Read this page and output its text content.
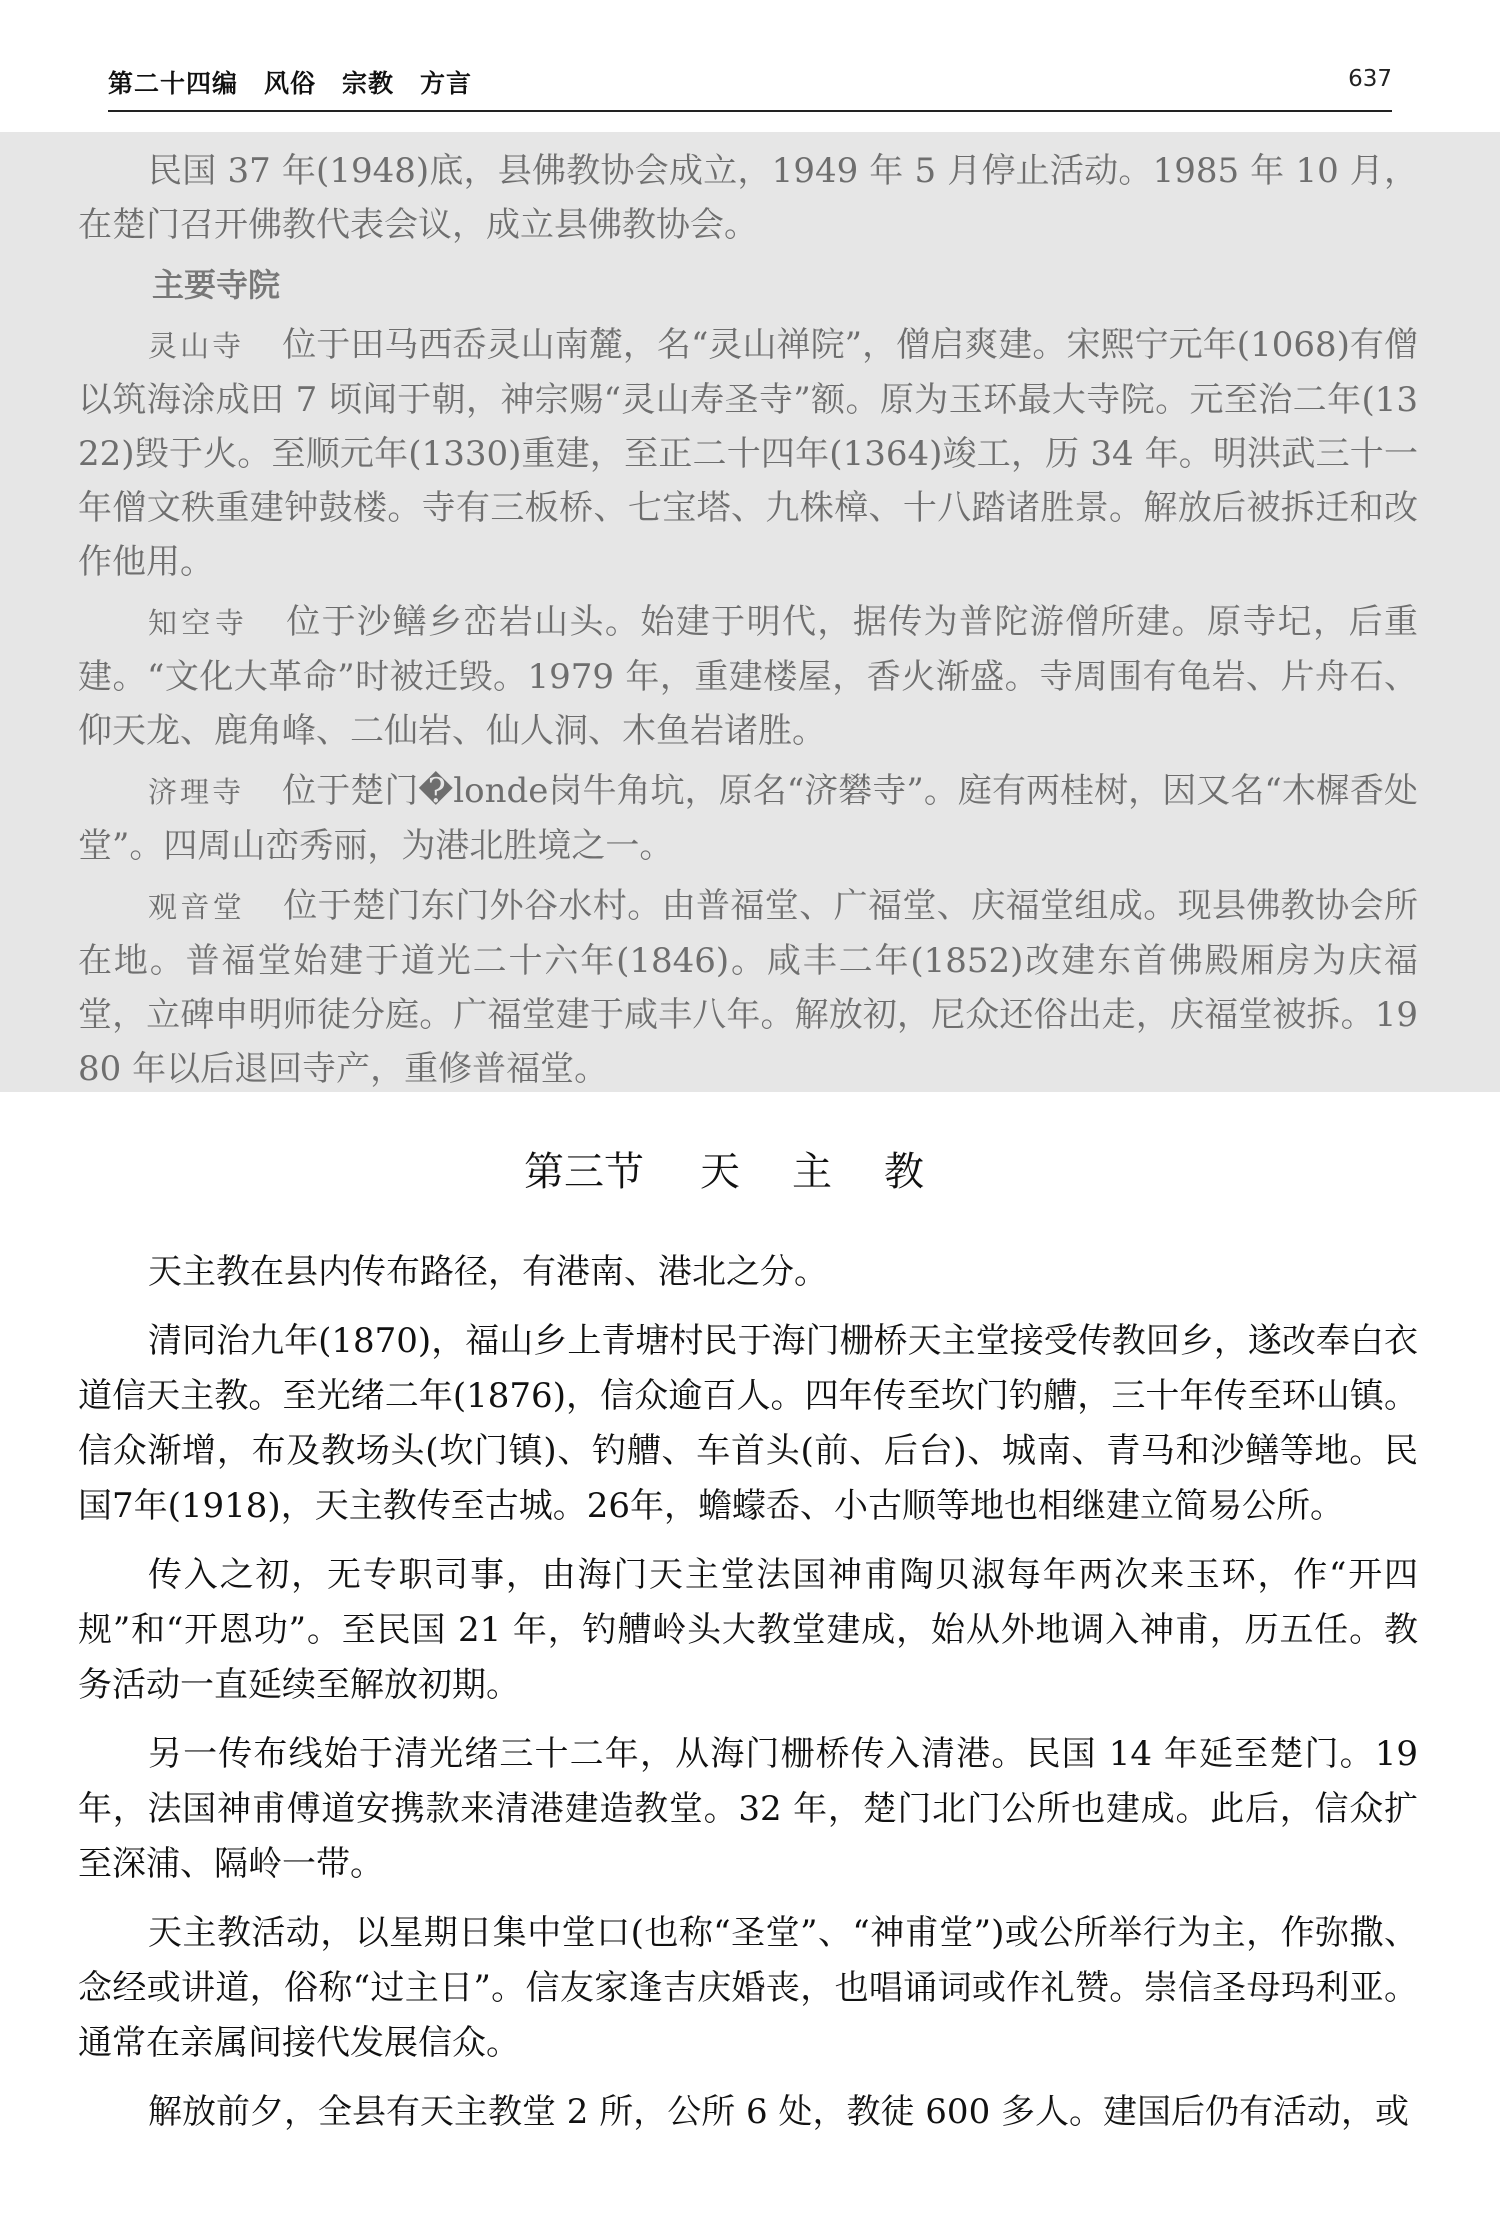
第二十四编　风俗　宗教　方言	637

民国 37 年(1948)底，县佛教协会成立，1949 年 5 月停止活动。1985 年 10 月，在楚门召开佛教代表会议，成立县佛教协会。

主要寺院

灵山寺 位于田马西岙灵山南麓，名“灵山禅院”，僧启爽建。宋熙宁元年(1068)有僧以筑海涂成田 7 顷闻于朝，神宗赐“灵山寿圣寺”额。原为玉环最大寺院。元至治二年(1322)毁于火。至顺元年(1330)重建，至正二十四年(1364)竣工，历 34 年。明洪武三十一年僧文秩重建钟鼓楼。寺有三板桥、七宝塔、九株樟、十八踏诸胜景。解放后被拆迁和改作他用。

知空寺 位于沙鳝乡峦岩山头。始建于明代，据传为普陀游僧所建。原寺圮，后重建。“文化大革命”时被迁毁。1979 年，重建楼屋，香火渐盛。寺周围有龟岩、片舟石、仰天龙、鹿角峰、二仙岩、仙人洞、木鱼岩诸胜。

济理寺 位于楚门�londe岗牛角坑，原名“济礬寺”。庭有两桂树，因又名“木樨香处堂”。四周山峦秀丽，为港北胜境之一。

观音堂 位于楚门东门外谷水村。由普福堂、广福堂、庆福堂组成。现县佛教协会所在地。普福堂始建于道光二十六年(1846)。咸丰二年(1852)改建东首佛殿厢房为庆福堂，立碑申明师徒分庭。广福堂建于咸丰八年。解放初，尼众还俗出走，庆福堂被拆。1980 年以后退回寺产，重修普福堂。

第三节 天主教

天主教在县内传布路径，有港南、港北之分。

清同治九年(1870)，福山乡上青塘村民于海门栅桥天主堂接受传教回乡，遂改奉白衣道信天主教。至光绪二年(1876)，信众逾百人。四年传至坎门钓艚，三十年传至环山镇。信众渐增，布及教场头(坎门镇)、钓艚、车首头(前、后台)、城南、青马和沙鳝等地。民国7年(1918)，天主教传至古城。26年，蟾蠓岙、小古顺等地也相继建立简易公所。

传入之初，无专职司事，由海门天主堂法国神甫陶贝淑每年两次来玉环，作“开四规”和“开恩功”。至民国 21 年，钓艚岭头大教堂建成，始从外地调入神甫，历五任。教务活动一直延续至解放初期。

另一传布线始于清光绪三十二年，从海门栅桥传入清港。民国 14 年延至楚门。19 年，法国神甫傅道安携款来清港建造教堂。32 年，楚门北门公所也建成。此后，信众扩至深浦、隔岭一带。

天主教活动，以星期日集中堂口(也称“圣堂”、“神甫堂”)或公所举行为主，作弥撒、念经或讲道，俗称“过主日”。信友家逢吉庆婚丧，也唱诵词或作礼赞。崇信圣母玛利亚。通常在亲属间接代发展信众。

解放前夕，全县有天主教堂 2 所，公所 6 处，教徒 600 多人。建国后仍有活动，或
